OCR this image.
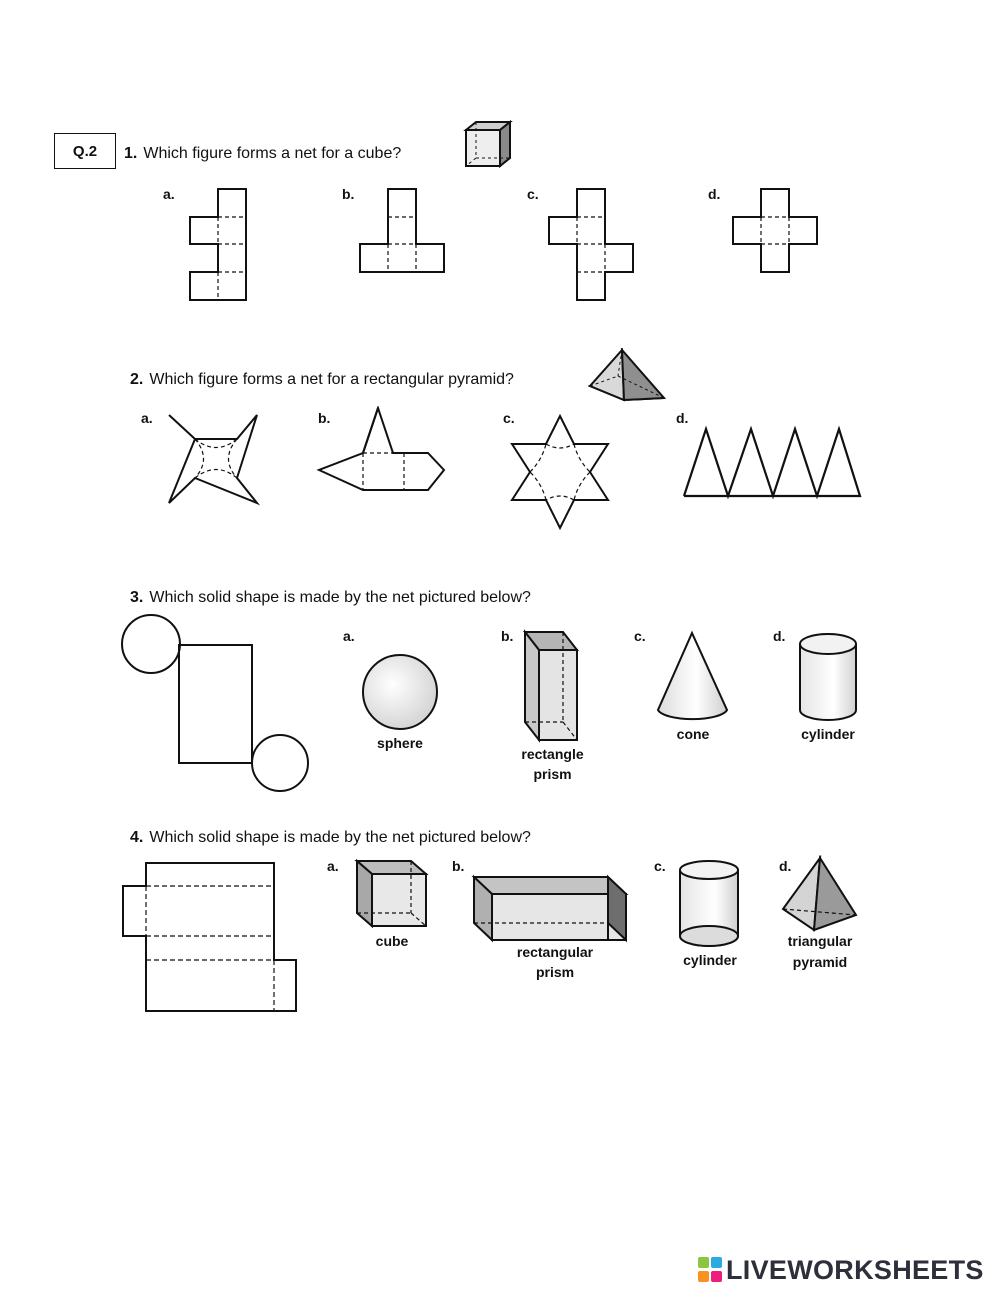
Q.2 1. Which figure forms a net for a cube?
a.	b.	c.	d.
2. Which figure forms a net for a rectangular pyramid?
a.	b.	c.	d.
3. Which solid shape is made by the net pictured below?
a.	b.	c.	d.
sphere
rectangle
prism
cone	cylinder
4. Which solid shape is made by the net pictured below?
a.	b.	c.	d.
cube
rectangular
prism
cylinder
triangular
pyramid
LIVEWORKSHEETS
